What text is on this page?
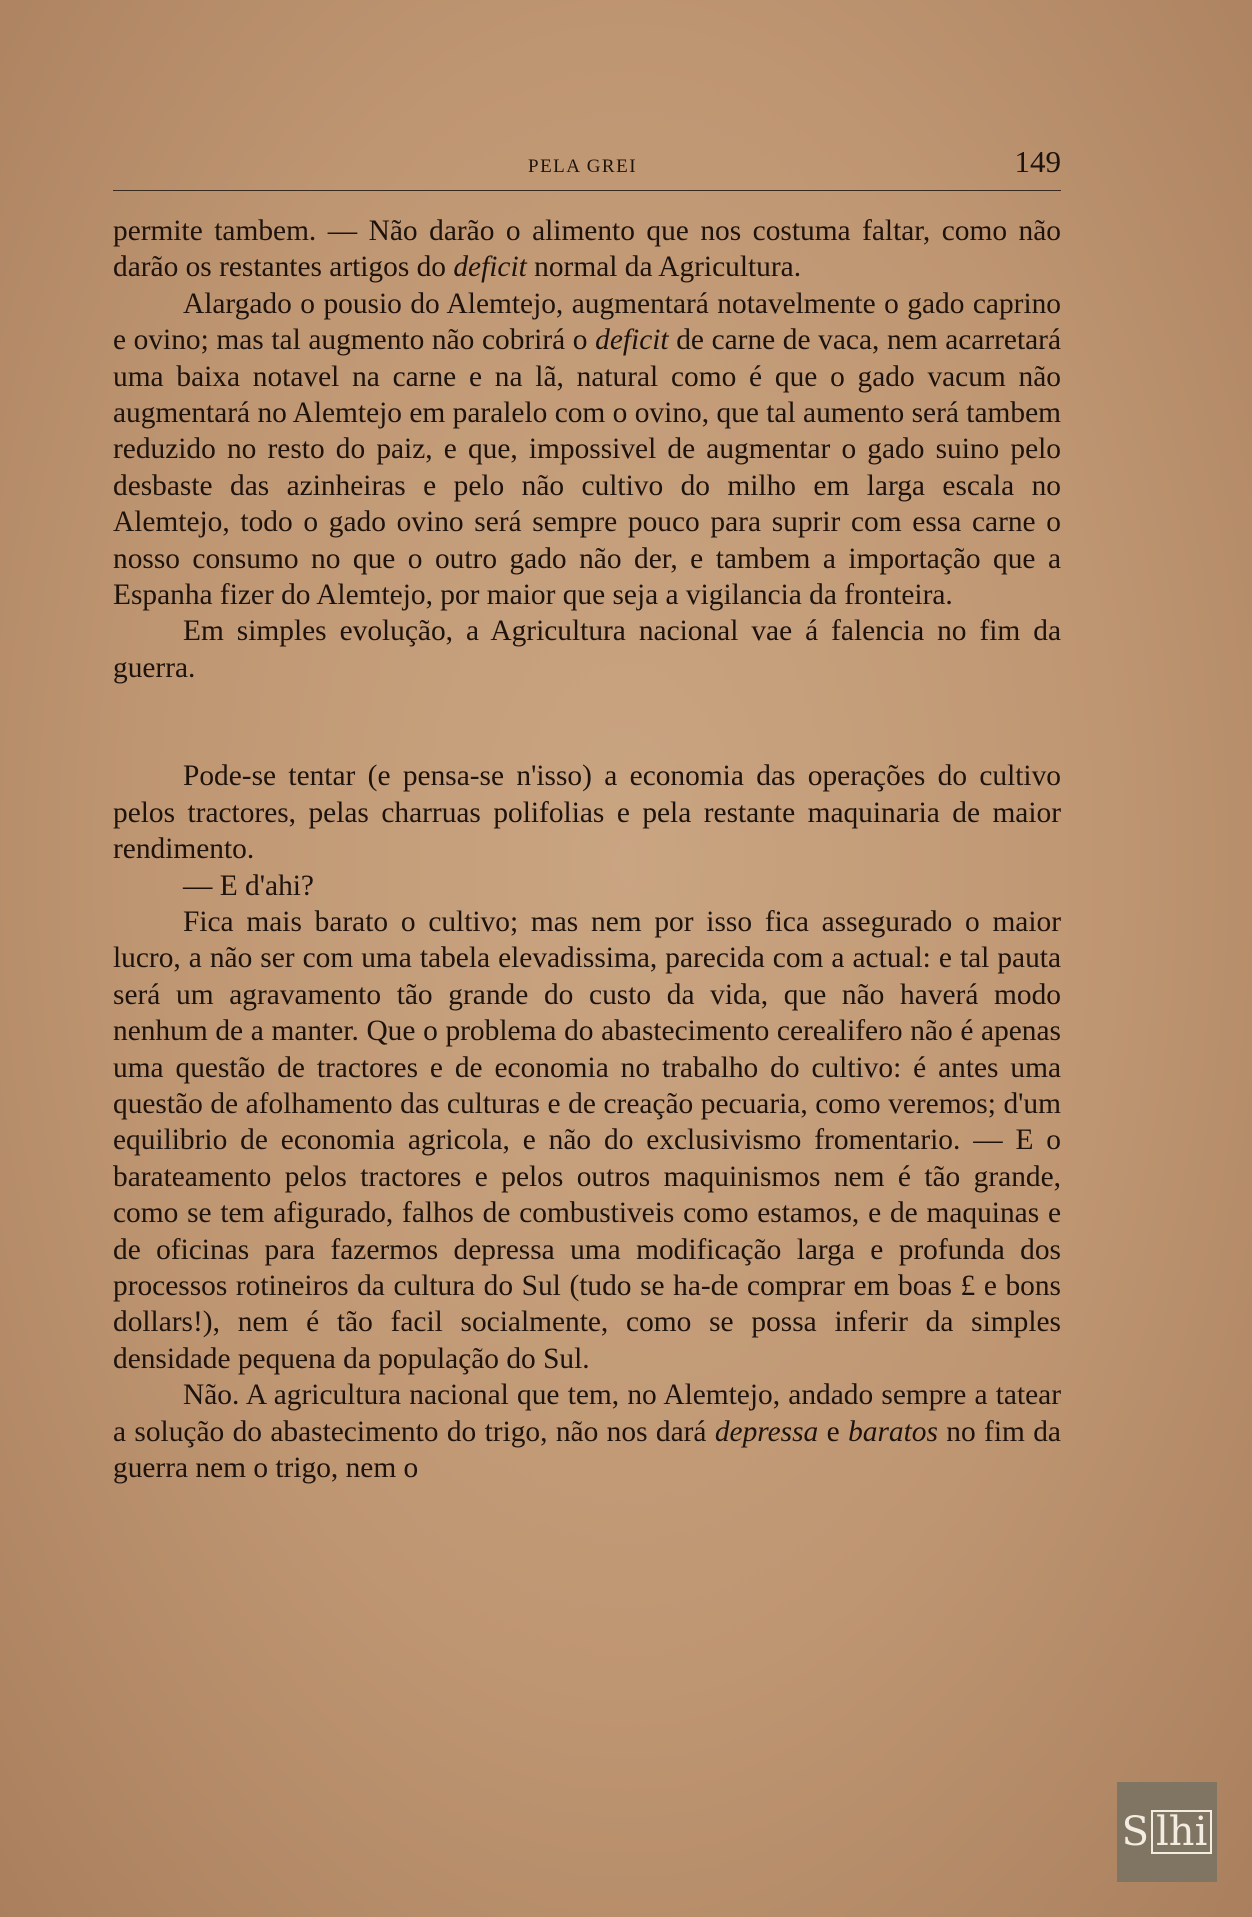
PELA GREI	149

permite tambem. — Não darão o alimento que nos costuma faltar, como não darão os restantes artigos do deficit normal da Agricultura.

Alargado o pousio do Alemtejo, augmentará notavelmente o gado caprino e ovino; mas tal augmento não cobrirá o deficit de carne de vaca, nem acarretará uma baixa notavel na carne e na lã, natural como é que o gado vacum não augmentará no Alemtejo em paralelo com o ovino, que tal aumento será tambem reduzido no resto do paiz, e que, impossivel de augmentar o gado suino pelo desbaste das azinheiras e pelo não cultivo do milho em larga escala no Alemtejo, todo o gado ovino será sempre pouco para suprir com essa carne o nosso consumo no que o outro gado não der, e tambem a importação que a Espanha fizer do Alemtejo, por maior que seja a vigilancia da fronteira.

Em simples evolução, a Agricultura nacional vae á falencia no fim da guerra.

Pode-se tentar (e pensa-se n'isso) a economia das operações do cultivo pelos tractores, pelas charruas polifolias e pela restante maquinaria de maior rendimento.

— E d'ahi?

Fica mais barato o cultivo; mas nem por isso fica assegurado o maior lucro, a não ser com uma tabela elevadissima, parecida com a actual: e tal pauta será um agravamento tão grande do custo da vida, que não haverá modo nenhum de a manter. Que o problema do abastecimento cerealifero não é apenas uma questão de tractores e de economia no trabalho do cultivo: é antes uma questão de afolhamento das culturas e de creação pecuaria, como veremos; d'um equilibrio de economia agricola, e não do exclusivismo fromentario. — E o barateamento pelos tractores e pelos outros maquinismos nem é tão grande, como se tem afigurado, falhos de combustiveis como estamos, e de maquinas e de oficinas para fazermos depressa uma modificação larga e profunda dos processos rotineiros da cultura do Sul (tudo se ha-de comprar em boas £ e bons dollars!), nem é tão facil socialmente, como se possa inferir da simples densidade pequena da população do Sul.

Não. A agricultura nacional que tem, no Alemtejo, andado sempre a tatear a solução do abastecimento do trigo, não nos dará depressa e baratos no fim da guerra nem o trigo, nem o

S lhi
